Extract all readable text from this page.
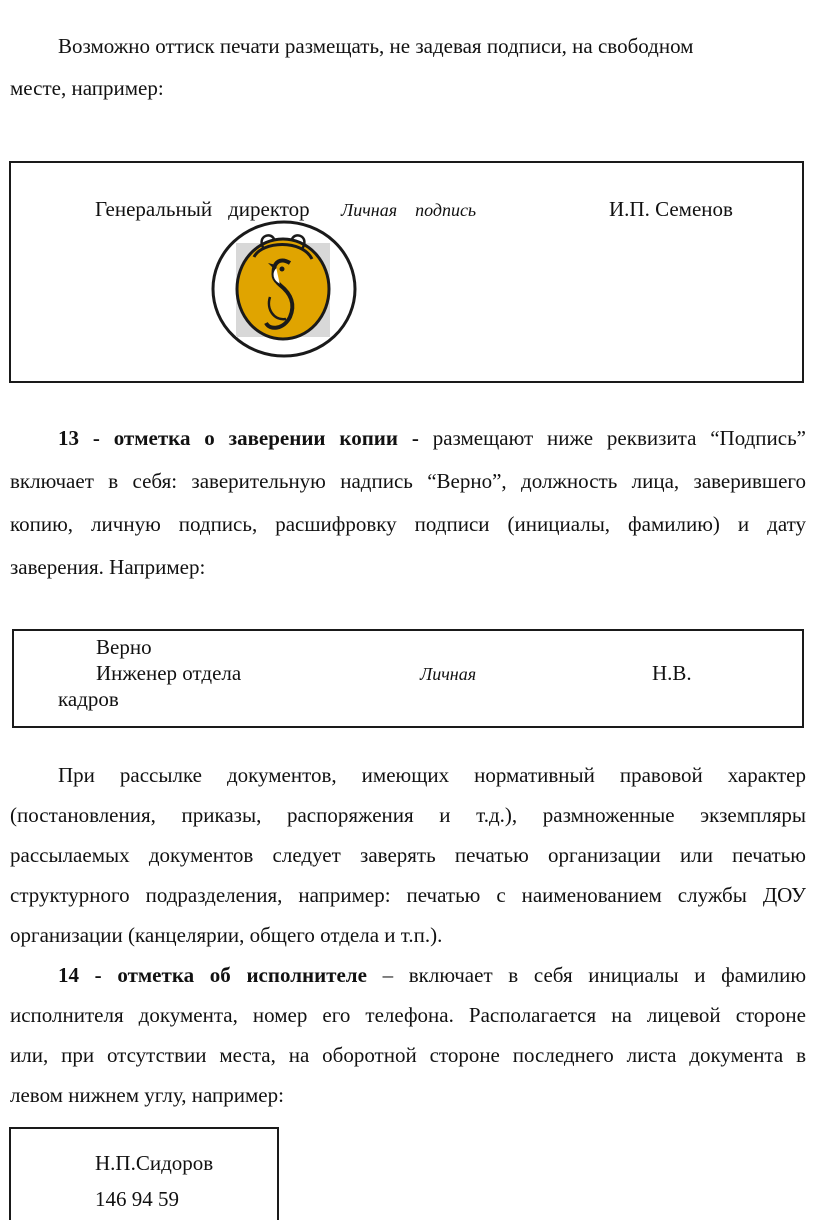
Возможно оттиск печати размещать, не задевая подписи, на свободном
месте, например:
Генеральный директор Личная подпись	И.П. Семенов
13 - отметка о заверении копии - размещают ниже реквизита “Подпись”
включает в себя: заверительную надпись “Верно”, должность лица, заверившего
копию, личную подпись, расшифровку подписи (инициалы, фамилию) и дату
заверения. Например:
Верно
Инженер отдела	Личная	Н.В.
кадров
При рассылке документов, имеющих нормативный правовой характер
(постановления, приказы, распоряжения и т.д.), размноженные экземпляры
рассылаемых документов следует заверять печатью организации или печатью
структурного подразделения, например: печатью с наименованием службы ДОУ
организации (канцелярии, общего отдела и т.п.).
14 - отметка об исполнителе – включает в себя инициалы и фамилию
исполнителя документа, номер его телефона. Располагается на лицевой стороне
или, при отсутствии места, на оборотной стороне последнего листа документа в
левом нижнем углу, например:
Н.П.Сидоров
146 94 59
